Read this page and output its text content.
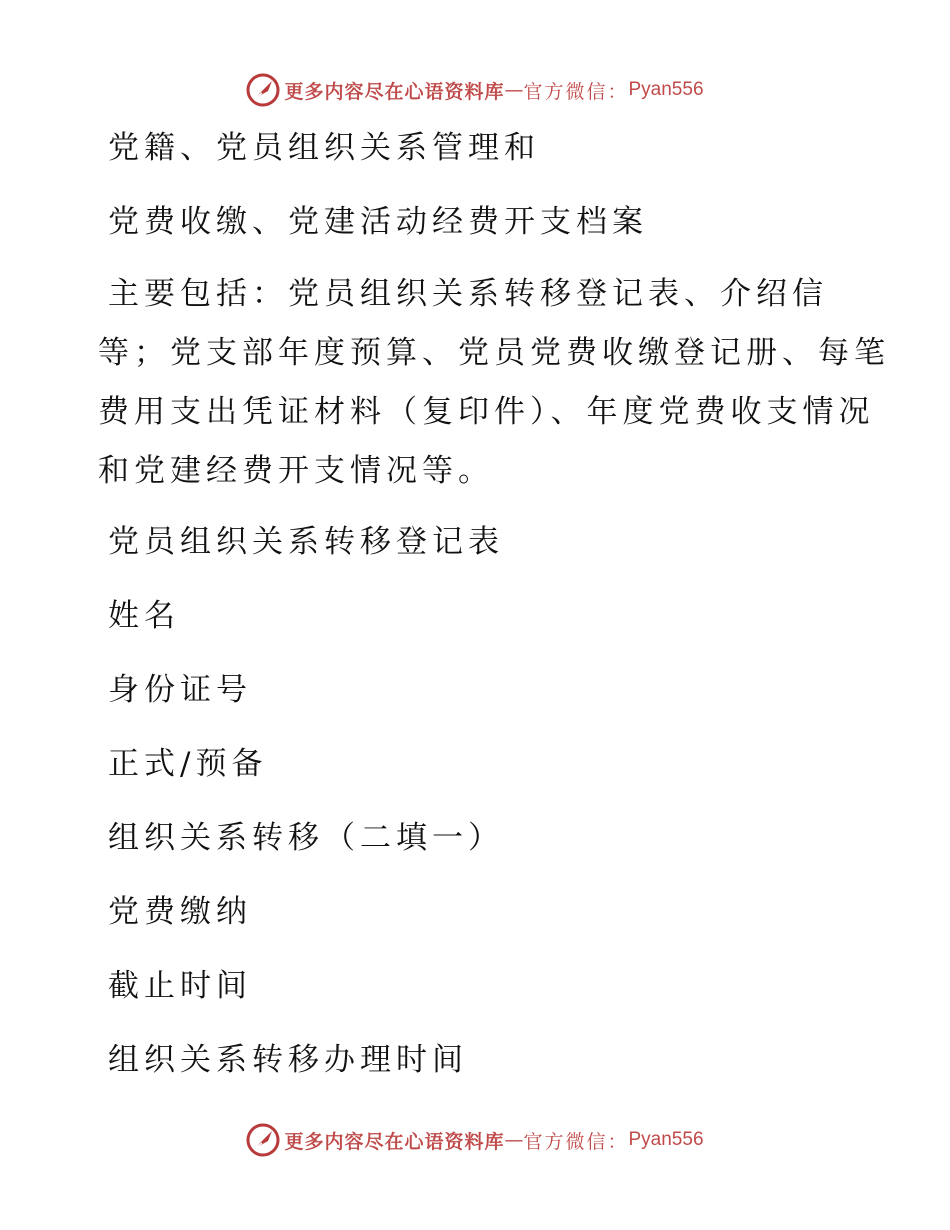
更多内容尽在心语资料库 — 官方微信： Pyan556
党籍、党员组织关系管理和
党费收缴、党建活动经费开支档案
主要包括：党员组织关系转移登记表、介绍信
等；党支部年度预算、党员党费收缴登记册、每笔
费用支出凭证材料（复印件）、年度党费收支情况
和党建经费开支情况等。
党员组织关系转移登记表
姓名
身份证号
正式/预备
组织关系转移（二填一）
党费缴纳
截止时间
组织关系转移办理时间
更多内容尽在心语资料库 — 官方微信： Pyan556
